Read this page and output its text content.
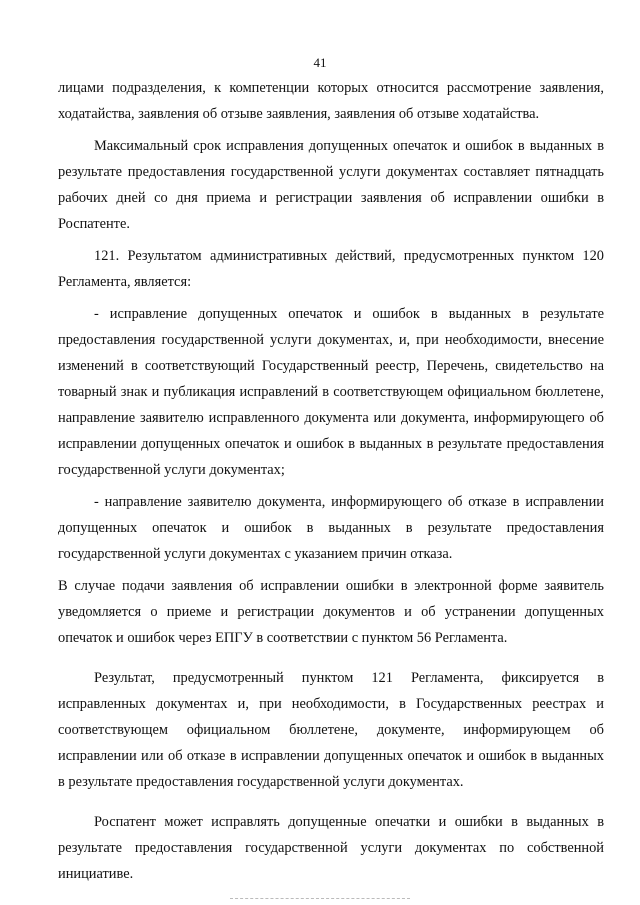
41

лицами подразделения, к компетенции которых относится рассмотрение заявления, ходатайства, заявления об отзыве заявления, заявления об отзыве ходатайства.

Максимальный срок исправления допущенных опечаток и ошибок в выданных в результате предоставления государственной услуги документах составляет пятнадцать рабочих дней со дня приема и регистрации заявления об исправлении ошибки в Роспатенте.

121. Результатом административных действий, предусмотренных пунктом 120 Регламента, является:

- исправление допущенных опечаток и ошибок в выданных в результате предоставления государственной услуги документах, и, при необходимости, внесение изменений в соответствующий Государственный реестр, Перечень, свидетельство на товарный знак и публикация исправлений в соответствующем официальном бюллетене, направление заявителю исправленного документа или документа, информирующего об исправлении допущенных опечаток и ошибок в выданных в результате предоставления государственной услуги документах;

- направление заявителю документа, информирующего об отказе в исправлении допущенных опечаток и ошибок в выданных в результате предоставления государственной услуги документах с указанием причин отказа.

В случае подачи заявления об исправлении ошибки в электронной форме заявитель уведомляется о приеме и регистрации документов и об устранении допущенных опечаток и ошибок через ЕПГУ в соответствии с пунктом 56 Регламента.

Результат, предусмотренный пунктом 121 Регламента, фиксируется в исправленных документах и, при необходимости, в Государственных реестрах и соответствующем официальном бюллетене, документе, информирующем об исправлении или об отказе в исправлении допущенных опечаток и ошибок в выданных в результате предоставления государственной услуги документах.

Роспатент может исправлять допущенные опечатки и ошибки в выданных в результате предоставления государственной услуги документах по собственной инициативе.
